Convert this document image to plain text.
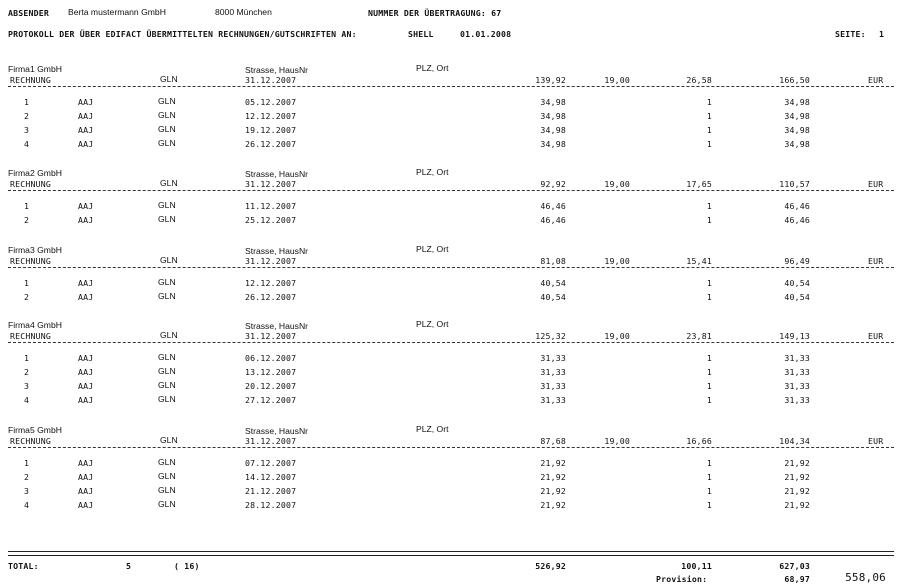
ABSENDER Berta mustermann GmbH	8000 München	NUMMER DER ÜBERTRAGUNG: 67
PROTOKOLL DER ÜBER EDIFACT ÜBERMITTELTEN RECHNUNGEN/GUTSCHRIFTEN AN:	SHELL	01.01.2008	SEITE: 1
Firma1 GmbH	Strasse, HausNr	PLZ, Ort
RECHNUNG	GLN	31.12.2007	139,92	19,00	26,58	166,50	EUR
1	AAJ	GLN	05.12.2007	34,98	1	34,98
2	AAJ	GLN	12.12.2007	34,98	1	34,98
3	AAJ	GLN	19.12.2007	34,98	1	34,98
4	AAJ	GLN	26.12.2007	34,98	1	34,98
Firma2 GmbH	Strasse, HausNr	PLZ, Ort
RECHNUNG	GLN	31.12.2007	92,92	19,00	17,65	110,57	EUR
1	AAJ	GLN	11.12.2007	46,46	1	46,46
2	AAJ	GLN	25.12.2007	46,46	1	46,46
Firma3 GmbH	Strasse, HausNr	PLZ, Ort
RECHNUNG	GLN	31.12.2007	81,08	19,00	15,41	96,49	EUR
1	AAJ	GLN	12.12.2007	40,54	1	40,54
2	AAJ	GLN	26.12.2007	40,54	1	40,54
Firma4 GmbH	Strasse, HausNr	PLZ, Ort
RECHNUNG	GLN	31.12.2007	125,32	19,00	23,81	149,13	EUR
1	AAJ	GLN	06.12.2007	31,33	1	31,33
2	AAJ	GLN	13.12.2007	31,33	1	31,33
3	AAJ	GLN	20.12.2007	31,33	1	31,33
4	AAJ	GLN	27.12.2007	31,33	1	31,33
Firma5 GmbH	Strasse, HausNr	PLZ, Ort
RECHNUNG	GLN	31.12.2007	87,68	19,00	16,66	104,34	EUR
1	AAJ	GLN	07.12.2007	21,92	1	21,92
2	AAJ	GLN	14.12.2007	21,92	1	21,92
3	AAJ	GLN	21.12.2007	21,92	1	21,92
4	AAJ	GLN	28.12.2007	21,92	1	21,92
TOTAL:	5	( 16)	526,92	100,11	627,03
Provision:	68,97	558,06
